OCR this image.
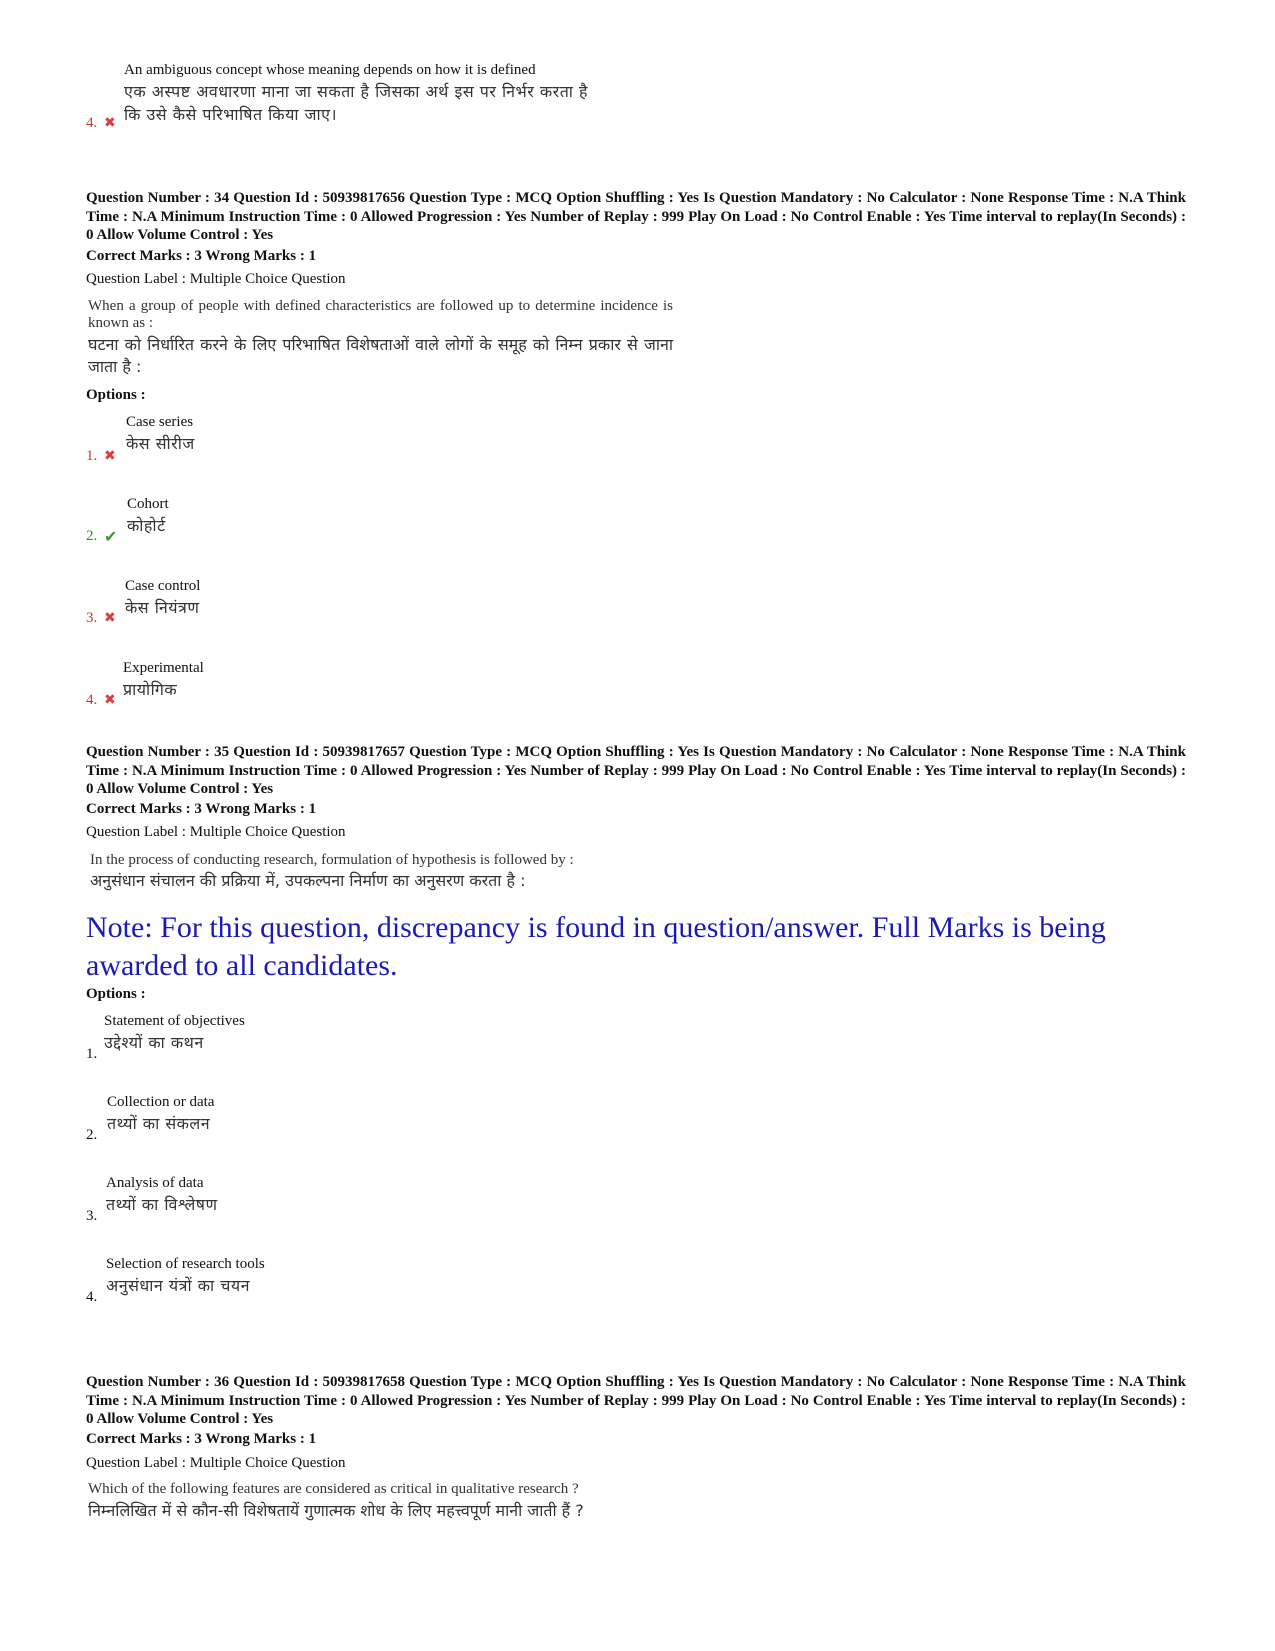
An ambiguous concept whose meaning depends on how it is defined
एक अस्पष्ट अवधारणा माना जा सकता है जिसका अर्थ इस पर निर्भर करता है
कि उसे कैसे परिभाषित किया जाए।
4. ✖
Question Number : 34 Question Id : 50939817656 Question Type : MCQ Option Shuffling : Yes Is Question Mandatory : No Calculator : None Response Time : N.A Think Time : N.A Minimum Instruction Time : 0 Allowed Progression : Yes Number of Replay : 999 Play On Load : No Control Enable : Yes Time interval to replay(In Seconds) : 0 Allow Volume Control : Yes
Correct Marks : 3 Wrong Marks : 1
Question Label : Multiple Choice Question
When a group of people with defined characteristics are followed up to determine incidence is known as :
घटना को निर्धारित करने के लिए परिभाषित विशेषताओं वाले लोगों के समूह को निम्न प्रकार से जाना जाता है :
Options :
Case series
केस सीरीज
1. ✖
Cohort
कोहोर्ट
2. ✔
Case control
केस नियंत्रण
3. ✖
Experimental
प्रायोगिक
4. ✖
Question Number : 35 Question Id : 50939817657 Question Type : MCQ Option Shuffling : Yes Is Question Mandatory : No Calculator : None Response Time : N.A Think Time : N.A Minimum Instruction Time : 0 Allowed Progression : Yes Number of Replay : 999 Play On Load : No Control Enable : Yes Time interval to replay(In Seconds) : 0 Allow Volume Control : Yes
Correct Marks : 3 Wrong Marks : 1
Question Label : Multiple Choice Question
In the process of conducting research, formulation of hypothesis is followed by :
अनुसंधान संचालन की प्रक्रिया में, उपकल्पना निर्माण का अनुसरण करता है :
Note: For this question, discrepancy is found in question/answer. Full Marks is being awarded to all candidates.
Options :
Statement of objectives
उद्देश्यों का कथन
1.
Collection or data
तथ्यों का संकलन
2.
Analysis of data
तथ्यों का विश्लेषण
3.
Selection of research tools
अनुसंधान यंत्रों का चयन
4.
Question Number : 36 Question Id : 50939817658 Question Type : MCQ Option Shuffling : Yes Is Question Mandatory : No Calculator : None Response Time : N.A Think Time : N.A Minimum Instruction Time : 0 Allowed Progression : Yes Number of Replay : 999 Play On Load : No Control Enable : Yes Time interval to replay(In Seconds) : 0 Allow Volume Control : Yes
Correct Marks : 3 Wrong Marks : 1
Question Label : Multiple Choice Question
Which of the following features are considered as critical in qualitative research ?
निम्नलिखित में से कौन-सी विशेषतायें गुणात्मक शोध के लिए महत्त्वपूर्ण मानी जाती हैं ?
